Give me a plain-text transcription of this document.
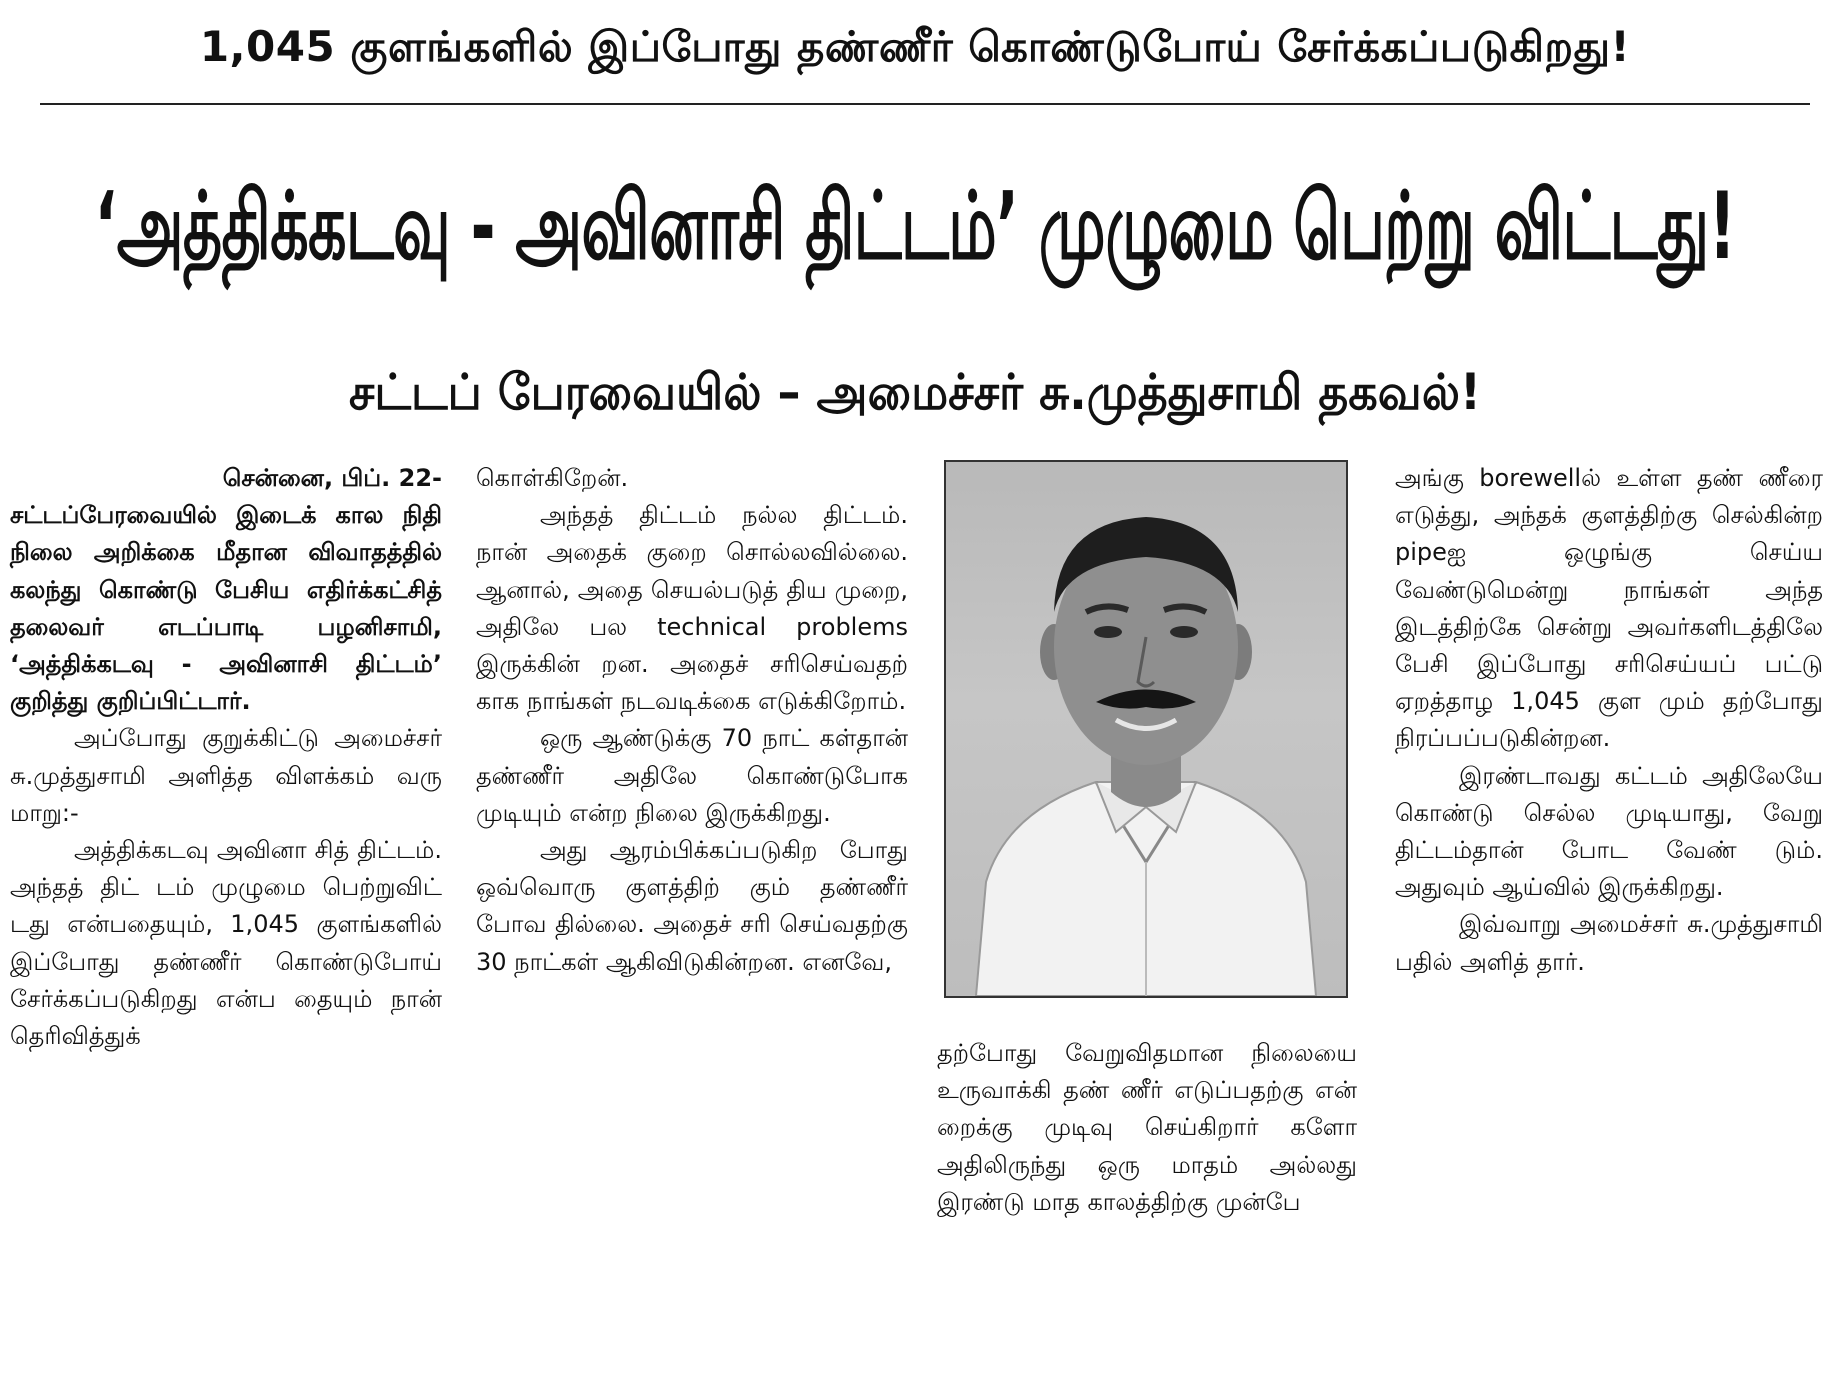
1,045 குளங்களில் இப்போது தண்ணீர் கொண்டுபோய் சேர்க்கப்படுகிறது!
‘அத்திக்கடவு - அவினாசி திட்டம்’ முழுமை பெற்று விட்டது!
சட்டப் பேரவையில் – அமைச்சர் சு.முத்துசாமி தகவல்!

சென்னை, பிப். 22-

சட்டப்பேரவையில் இடைக் கால நிதி நிலை அறிக்கை மீதான விவாதத்தில் கலந்து கொண்டு பேசிய எதிர்க்கட்சித் தலைவர் எடப்பாடி பழனிசாமி, ‘அத்திக்கடவு - அவினாசி திட்டம்’ குறித்து குறிப்பிட்டார்.

அப்போது குறுக்கிட்டு அமைச்சர் சு.முத்துசாமி அளித்த விளக்கம் வரு மாறு:-

அத்திக்கடவு அவினா சித் திட்டம். அந்தத் திட் டம் முழுமை பெற்றுவிட் டது என்பதையும், 1,045 குளங்களில் இப்போது தண்ணீர் கொண்டுபோய் சேர்க்கப்படுகிறது என்ப தையும் நான் தெரிவித்துக்

கொள்கிறேன்.

அந்தத் திட்டம் நல்ல திட்டம். நான் அதைக் குறை சொல்லவில்லை. ஆனால், அதை செயல்படுத் திய முறை, அதிலே பல technical problems இருக்கின் றன. அதைச் சரிசெய்வதற் காக நாங்கள் நடவடிக்கை எடுக்கிறோம்.

ஒரு ஆண்டுக்கு 70 நாட் கள்தான் தண்ணீர் அதிலே கொண்டுபோக முடியும் என்ற நிலை இருக்கிறது.

அது ஆரம்பிக்கப்படுகிற போது ஒவ்வொரு குளத்திற் கும் தண்ணீர் போவ தில்லை. அதைச் சரி செய்வதற்கு 30 நாட்கள் ஆகிவிடுகின்றன. எனவே,

தற்போது வேறுவிதமான நிலையை உருவாக்கி தண் ணீர் எடுப்பதற்கு என் றைக்கு முடிவு செய்கிறார் களோ அதிலிருந்து ஒரு மாதம் அல்லது இரண்டு மாத காலத்திற்கு முன்பே

அங்கு borewellல் உள்ள தண் ணீரை எடுத்து, அந்தக் குளத்திற்கு செல்கின்ற pipeஐ ஒழுங்கு செய்ய வேண்டுமென்று நாங்கள் அந்த இடத்திற்கே சென்று அவர்களிடத்திலே பேசி இப்போது சரிசெய்யப் பட்டு ஏறத்தாழ 1,045 குள மும் தற்போது நிரப்பப்படுகின்றன.

இரண்டாவது கட்டம் அதிலேயே கொண்டு செல்ல முடியாது, வேறு திட்டம்தான் போட வேண் டும். அதுவும் ஆய்வில் இருக்கிறது.

இவ்வாறு அமைச்சர் சு.முத்துசாமி பதில் அளித் தார்.
